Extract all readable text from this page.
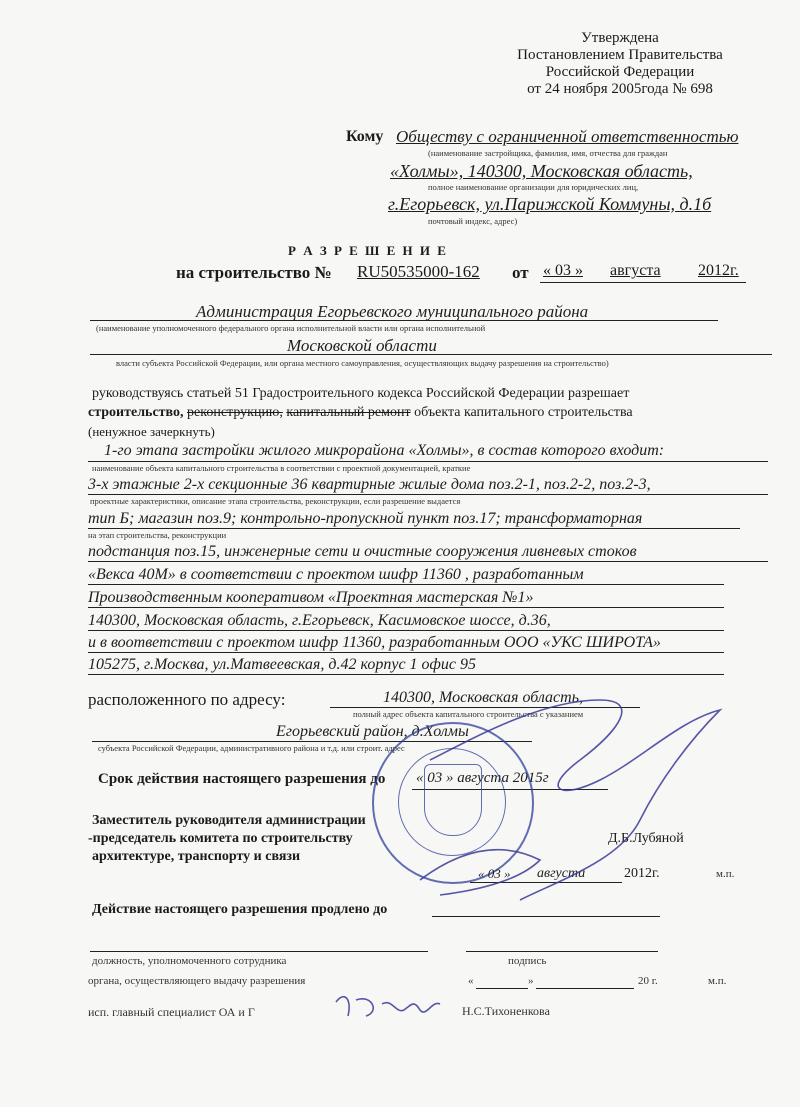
Утверждена
Постановлением Правительства
Российской Федерации
от 24 ноября 2005года № 698
Кому Обществу с ограниченной ответственностью
(наименование застройщика, фамилия, имя, отчества для граждан
«Холмы», 140300, Московская область,
полное наименование организации для юридических лиц,
г.Егорьевск, ул.Парижской Коммуны, д.1б
почтовый индекс, адрес)
Р А З Р Е Ш Е Н И Е
на строительство № RU50535000-162 от « 03 » августа 2012г.
Администрация Егорьевского муниципального района
(наименование уполномоченного федерального органа исполнительной власти или органа исполнительной
Московской области
власти субъекта Российской Федерации, или органа местного самоуправления, осуществляющих выдачу разрешения на строительство)
руководствуясь статьей 51 Градостроительного кодекса Российской Федерации разрешает
строительство, реконструкцию, капитальный ремонт объекта капитального строительства
(ненужное зачеркнуть)
1-го этапа застройки жилого микрорайона «Холмы», в состав которого входит:
наименование объекта капитального строительства в соответствии с проектной документацией, краткие
3-х этажные 2-х секционные 36 квартирные жилые дома поз.2-1, поз.2-2, поз.2-3,
проектные характеристики, описание этапа строительства, реконструкции, если разрешение выдается
тип Б; магазин поз.9; контрольно-пропускной пункт поз.17; трансформаторная
на этап строительства, реконструкции
подстанция поз.15, инженерные сети и очистные сооружения ливневых стоков
«Векса 40М» в соответствии с проектом шифр 11360 , разработанным
Производственным кооперативом «Проектная мастерская №1»
140300, Московская область, г.Егорьевск, Касимовское шоссе, д.36,
и в воответствии с проектом шифр 11360, разработанным ООО «УКС ШИРОТА»
105275, г.Москва, ул.Матвеевская, д.42 корпус 1 офис 95
расположенного по адресу:	140300, Московская область,
полный адрес объекта капитального строительства с указанием
Егорьевский район, д.Холмы
субъекта Российской Федерации, административного района и т.д. или строит. адрес
Срок действия настоящего разрешения до « 03 » августа 2015г
Заместитель руководителя администрации
-председатель комитета по строительству
архитектуре, транспорту и связи
Д.Б.Лубяной
« 03 » августа	2012г.	м.п.
Действие настоящего разрешения продлено до
должность, уполномоченного сотрудника	подпись
органа, осуществляющего выдачу разрешения	«	»	20 г.	м.п.
исп. главный специалист ОА и Г	Н.С.Тихоненкова
